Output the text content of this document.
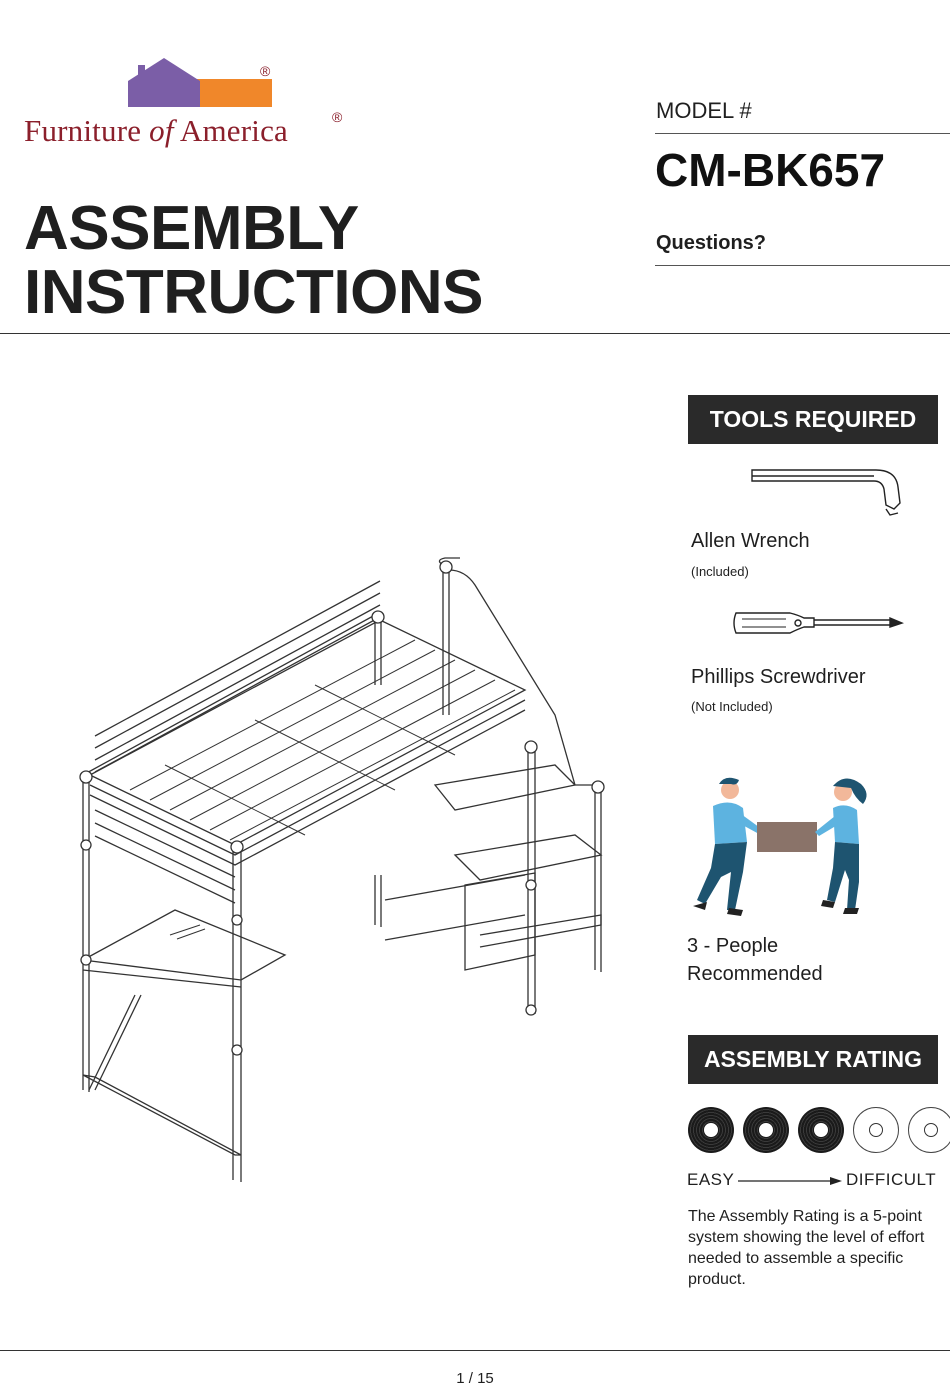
®
Furniture of America	®
ASSEMBLY
INSTRUCTIONS
MODEL #
CM-BK657
Questions?
TOOLS REQUIRED
Allen Wrench
(Included)
Phillips Screwdriver
(Not Included)
3 - People
Recommended
ASSEMBLY RATING
EASY	DIFFICULT
The Assembly Rating is a 5-point system showing the level of effort needed to assemble a specific product.
1 / 15
